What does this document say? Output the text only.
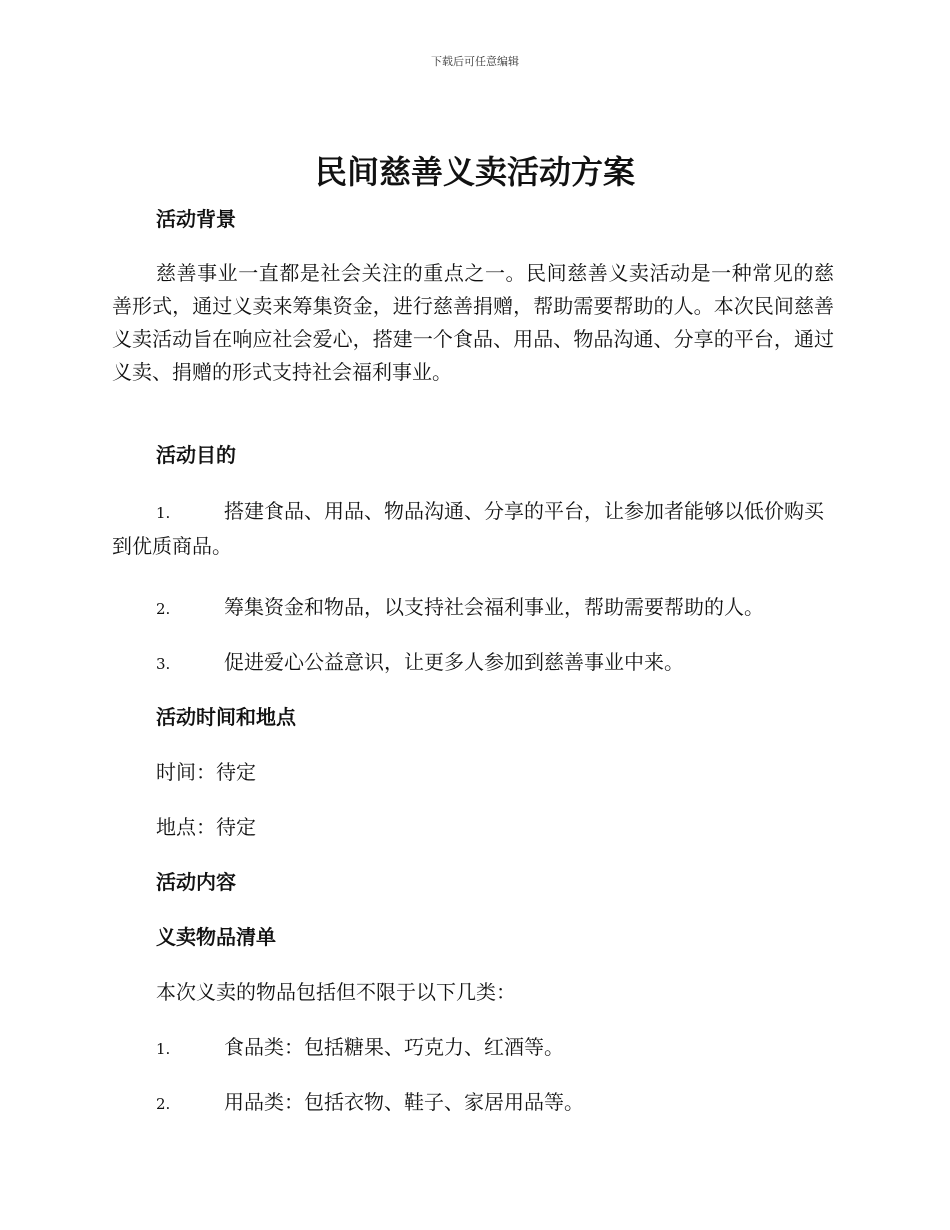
下载后可任意编辑
民间慈善义卖活动方案

活动背景

慈善事业一直都是社会关注的重点之一。民间慈善义卖活动是一种常见的慈善形式，通过义卖来筹集资金，进行慈善捐赠，帮助需要帮助的人。本次民间慈善义卖活动旨在响应社会爱心，搭建一个食品、用品、物品沟通、分享的平台，通过义卖、捐赠的形式支持社会福利事业。

活动目的

1.	搭建食品、用品、物品沟通、分享的平台，让参加者能够以低价购买到优质商品。

2.	筹集资金和物品，以支持社会福利事业，帮助需要帮助的人。

3.	促进爱心公益意识，让更多人参加到慈善事业中来。

活动时间和地点

时间：待定

地点：待定

活动内容

义卖物品清单

本次义卖的物品包括但不限于以下几类：

1.	食品类：包括糖果、巧克力、红酒等。

2.	用品类：包括衣物、鞋子、家居用品等。
